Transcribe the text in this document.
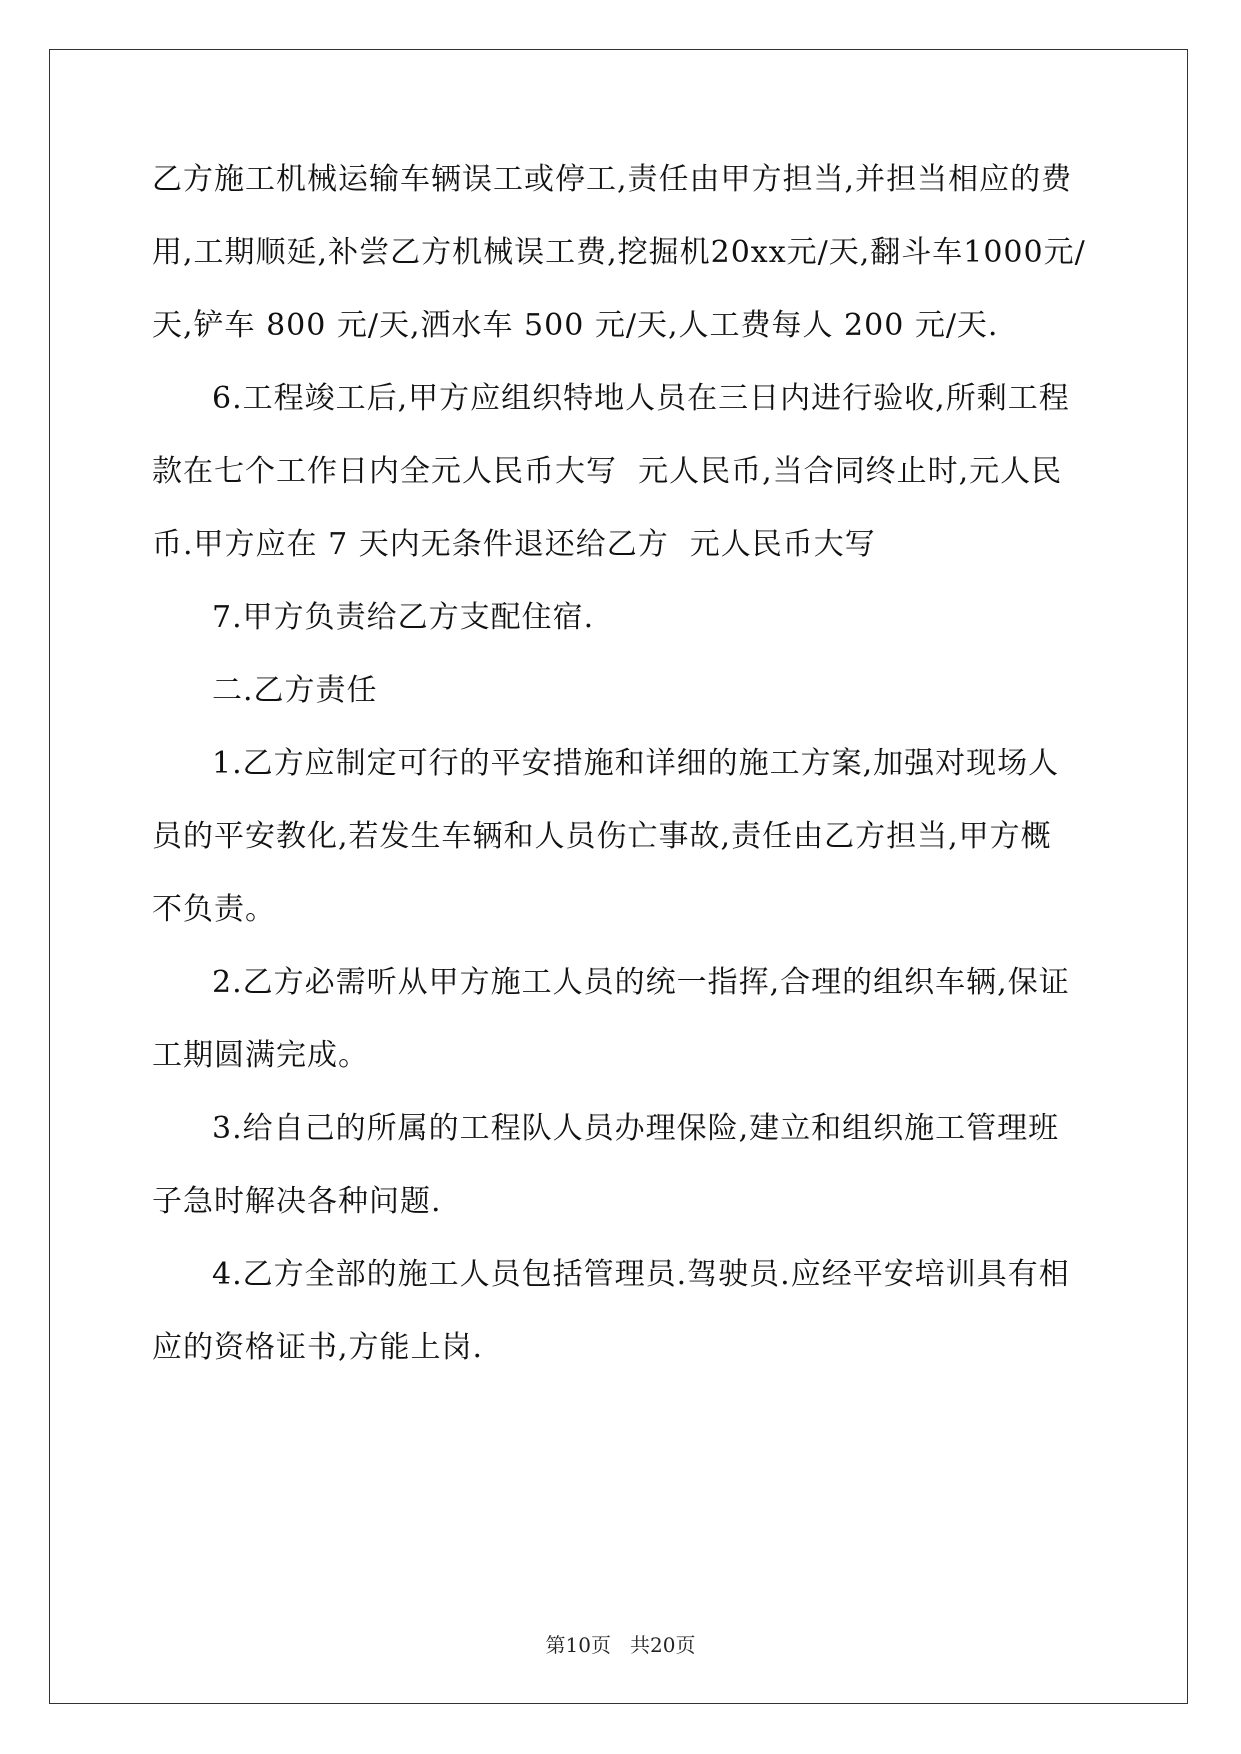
乙方施工机械运输车辆误工或停工,责任由甲方担当,并担当相应的费
用,工期顺延,补尝乙方机械误工费,挖掘机20xx元/天,翻斗车1000元/
天,铲车 800 元/天,洒水车 500 元/天,人工费每人 200 元/天.
6.工程竣工后,甲方应组织特地人员在三日内进行验收,所剩工程
款在七个工作日内全元人民币大写  元人民币,当合同终止时,元人民
币.甲方应在 7 天内无条件退还给乙方  元人民币大写
7.甲方负责给乙方支配住宿.
二.乙方责任
1.乙方应制定可行的平安措施和详细的施工方案,加强对现场人
员的平安教化,若发生车辆和人员伤亡事故,责任由乙方担当,甲方概
不负责。
2.乙方必需听从甲方施工人员的统一指挥,合理的组织车辆,保证
工期圆满完成。
3.给自己的所属的工程队人员办理保险,建立和组织施工管理班
子急时解决各种问题.
4.乙方全部的施工人员包括管理员.驾驶员.应经平安培训具有相
应的资格证书,方能上岗.
第10页   共20页
